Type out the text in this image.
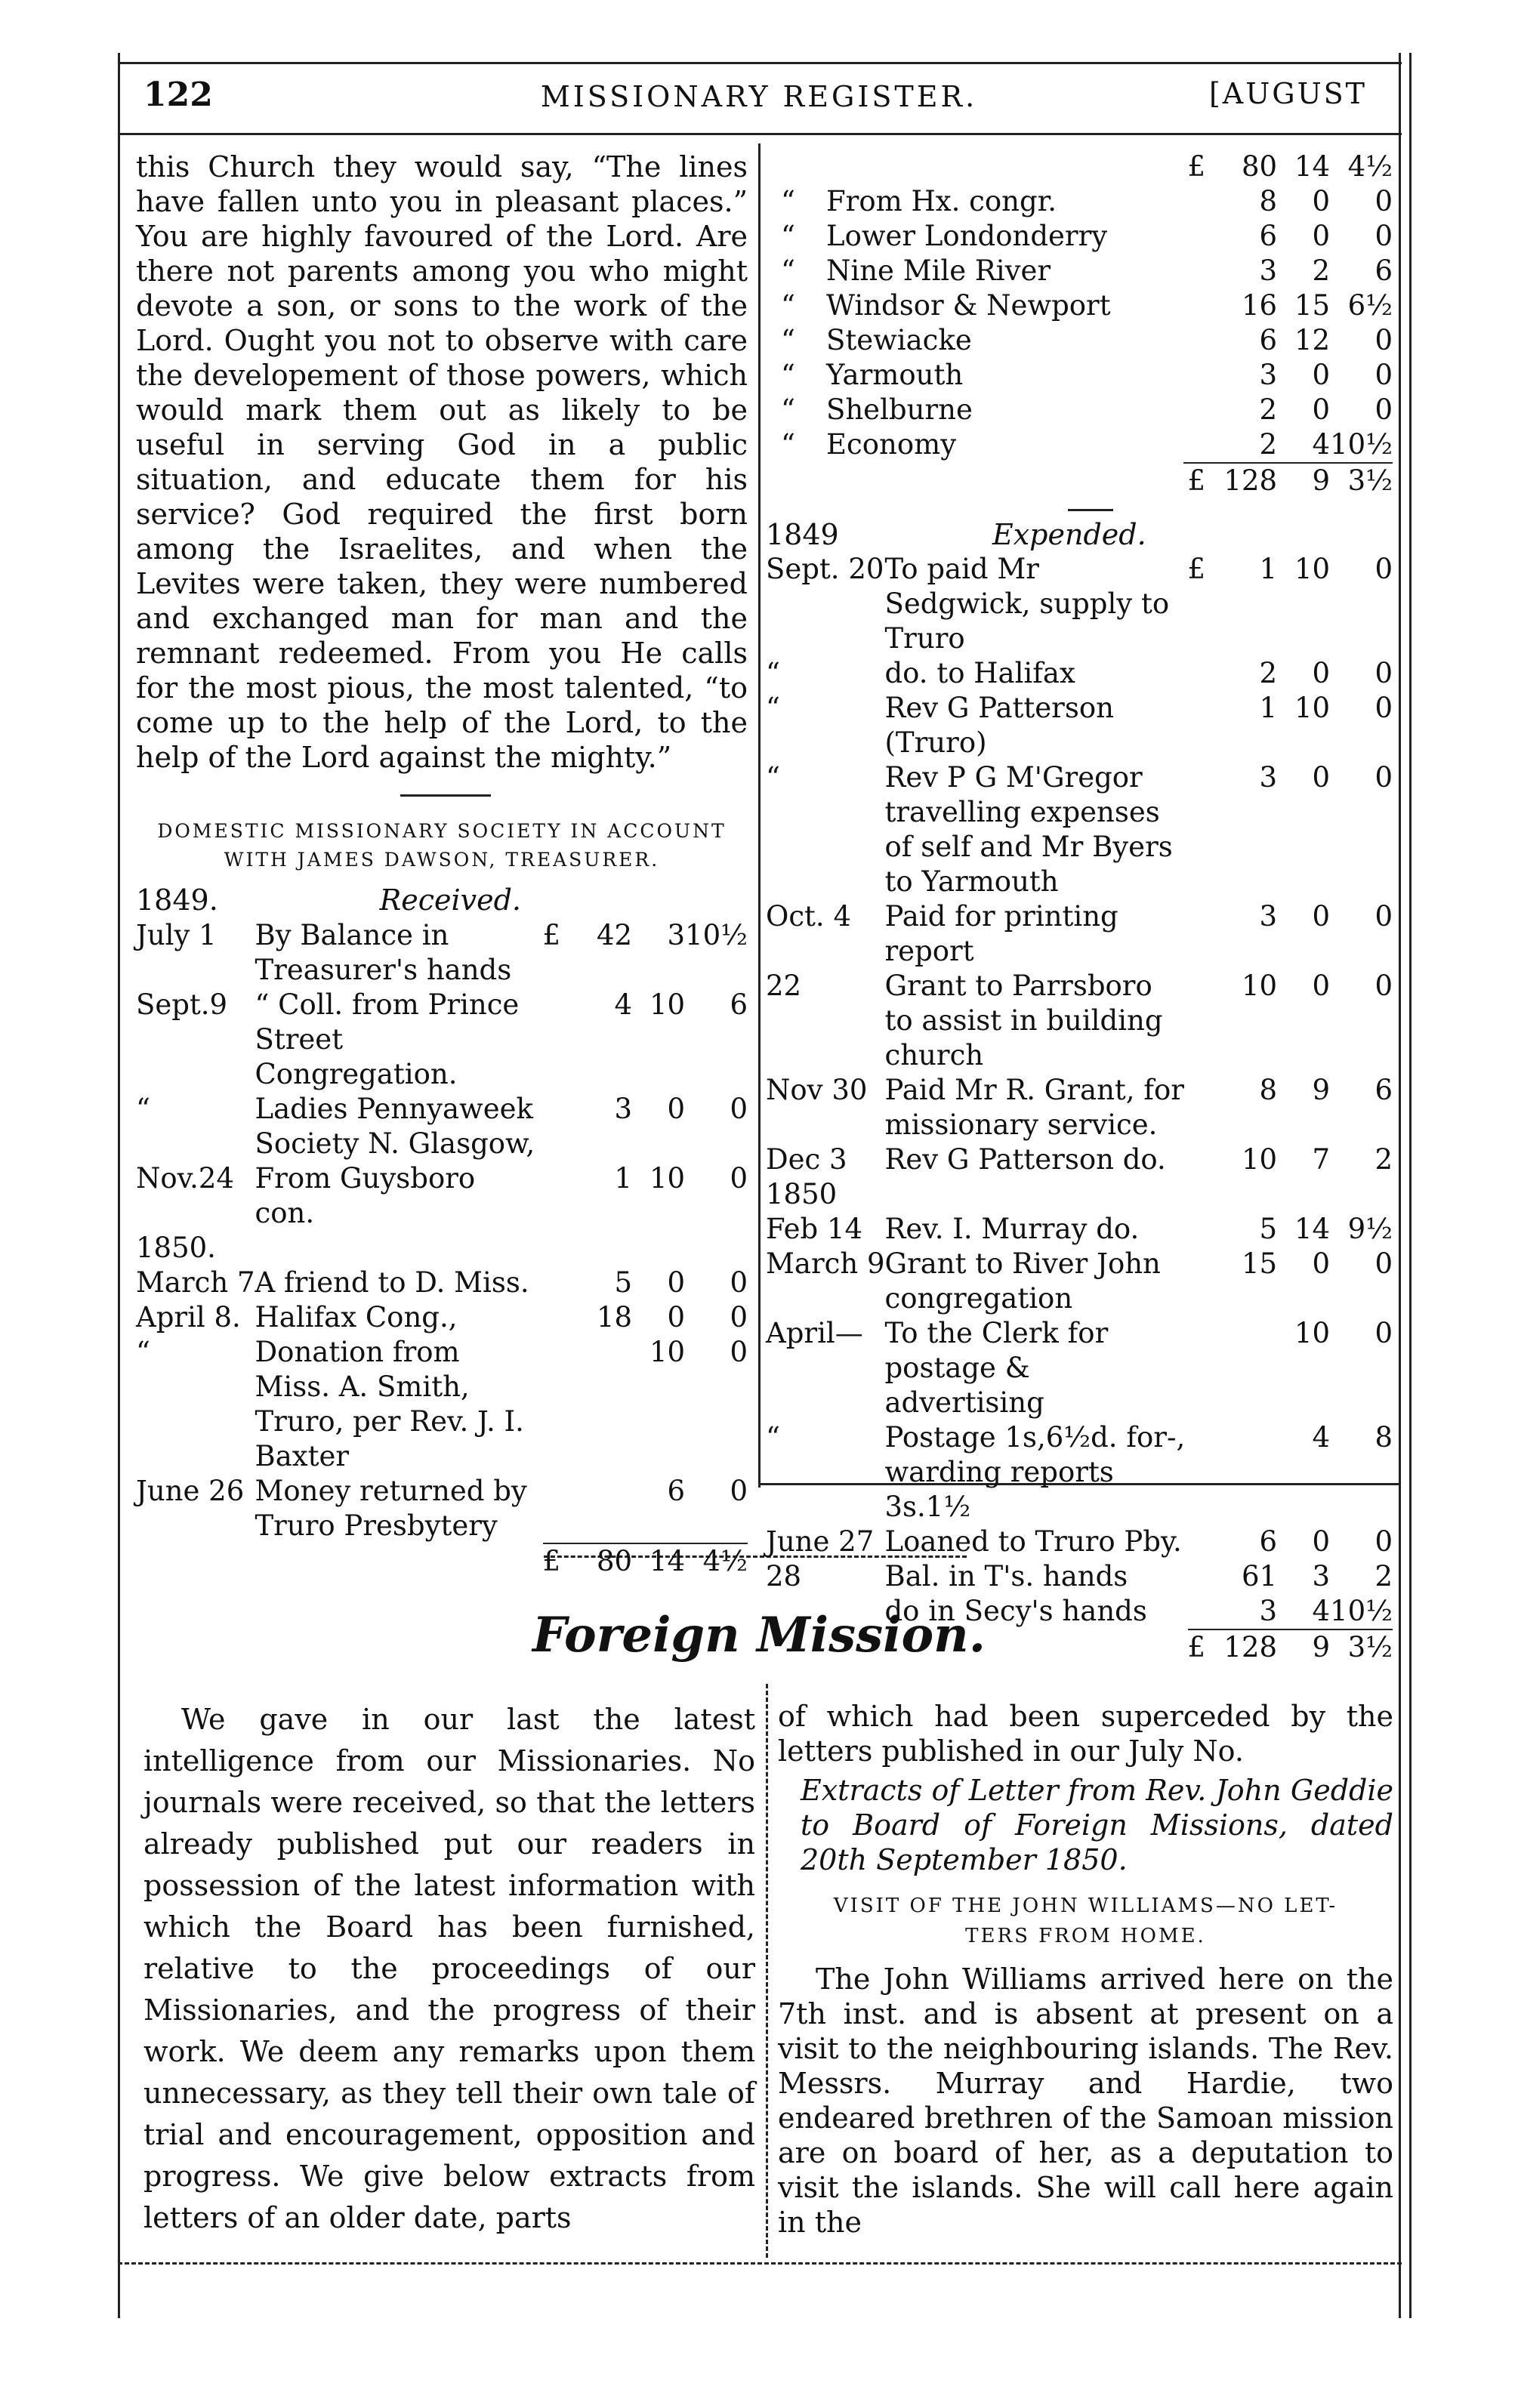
122	MISSIONARY REGISTER.	[AUGUST

this Church they would say, “The lines have fallen unto you in pleasant places.” You are highly favoured of the Lord. Are there not parents among you who might devote a son, or sons to the work of the Lord. Ought you not to observe with care the developement of those powers, which would mark them out as likely to be useful in serving God in a public situation, and educate them for his service? God required the first born among the Israelites, and when the Levites were taken, they were numbered and exchanged man for man and the remnant redeemed. From you He calls for the most pious, the most talented, “to come up to the help of the Lord, to the help of the Lord against the mighty.”

DOMESTIC MISSIONARY SOCIETY IN ACCOUNT
WITH JAMES DAWSON, TREASURER.
1849.	Received.
July 1	By Balance in Treasurer's hands	£	42	3	10½
Sept.9	“ Coll. from Prince Street Congregation.		4	10	6
“	Ladies Pennyaweek Society N. Glasgow,		3	0	0
Nov.24	From Guysboro con.		1	10	0
1850.					
March 7	A friend to D. Miss.		5	0	0
April 8.	Halifax Cong.,		18	0	0
“	Donation from Miss. A. Smith, Truro, per Rev. J. I. Baxter			10	0
June 26	Money returned by Truro Presbytery			6	0
		£	80	14	4½
		£	80	14	4½
“	From Hx. congr.		8	0	0
“	Lower Londonderry		6	0	0
“	Nine Mile River		3	2	6
“	Windsor & Newport		16	15	6½
“	Stewiacke		6	12	0
“	Yarmouth		3	0	0
“	Shelburne		2	0	0
“	Economy		2	4	10½
		£	128	9	3½
1849	Expended.
Sept. 20	To paid Mr Sedgwick, supply to Truro	£	1	10	0
“	do. to Halifax		2	0	0
“	Rev G Patterson (Truro)		1	10	0
“	Rev P G M'Gregor travelling expenses of self and Mr Byers to Yarmouth		3	0	0
Oct. 4	Paid for printing report		3	0	0
22	Grant to Parrsboro to assist in building church		10	0	0
Nov 30	Paid Mr R. Grant, for missionary service.		8	9	6
Dec 3	Rev G Patterson do.		10	7	2
1850					
Feb 14	Rev. I. Murray do.		5	14	9½
March 9	Grant to River John congregation		15	0	0
April—	To the Clerk for postage & advertising			10	0
“	Postage 1s,6½d. for-, warding reports 3s.1½			4	8
June 27	Loaned to Truro Pby.		6	0	0
28	Bal. in T's. hands		61	3	2
	do in Secy's hands		3	4	10½
		£	128	9	3½
Foreign Mission.

We gave in our last the latest intelligence from our Missionaries. No journals were received, so that the letters already published put our readers in possession of the latest information with which the Board has been furnished, relative to the proceedings of our Missionaries, and the progress of their work. We deem any remarks upon them unnecessary, as they tell their own tale of trial and encouragement, opposition and progress. We give below extracts from letters of an older date, parts

of which had been superceded by the letters published in our July No.

Extracts of Letter from Rev. John Geddie to Board of Foreign Missions, dated 20th September 1850.

VISIT OF THE JOHN WILLIAMS—NO LET-
TERS FROM HOME.

The John Williams arrived here on the 7th inst. and is absent at present on a visit to the neighbouring islands. The Rev. Messrs. Murray and Hardie, two endeared brethren of the Samoan mission are on board of her, as a deputation to visit the islands. She will call here again in the
